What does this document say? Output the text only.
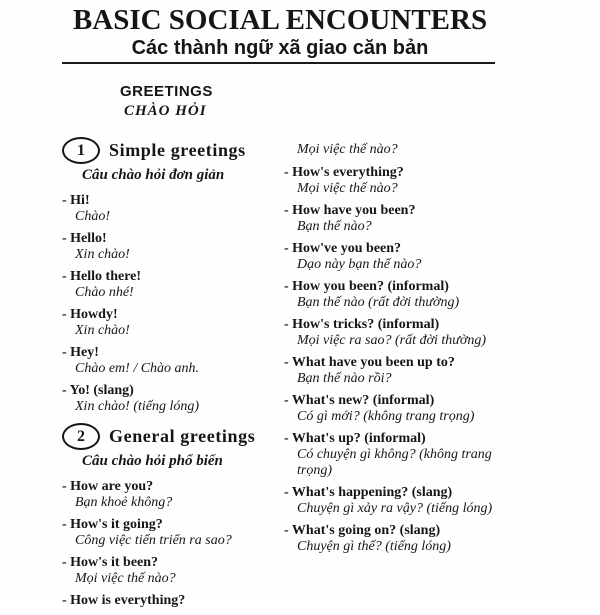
BASIC SOCIAL ENCOUNTERS
Các thành ngữ xã giao căn bản
GREETINGS
CHÀO HỎI
1	Simple greetings
Câu chào hỏi đơn giản
- Hi!
Chào!
- Hello!
Xin chào!
- Hello there!
Chào nhé!
- Howdy!
Xin chào!
- Hey!
Chào em! / Chào anh.
- Yo! (slang)
Xin chào! (tiếng lóng)
2	General greetings
Câu chào hỏi phổ biến
- How are you?
Bạn khoẻ không?
- How's it going?
Công việc tiến triển ra sao?
- How's it been?
Mọi việc thế nào?
- How is everything?
Mọi việc thế nào?
- How's everything?
Mọi việc thế nào?
- How have you been?
Bạn thế nào?
- How've you been?
Dạo này bạn thế nào?
- How you been? (informal)
Bạn thế nào (rất đời thường)
- How's tricks? (informal)
Mọi việc ra sao? (rất đời thường)
- What have you been up to?
Bạn thế nào rồi?
- What's new? (informal)
Có gì mới? (không trang trọng)
- What's up? (informal)
Có chuyện gì không? (không trang trọng)
- What's happening? (slang)
Chuyện gì xảy ra vậy? (tiếng lóng)
- What's going on? (slang)
Chuyện gì thế? (tiếng lóng)
